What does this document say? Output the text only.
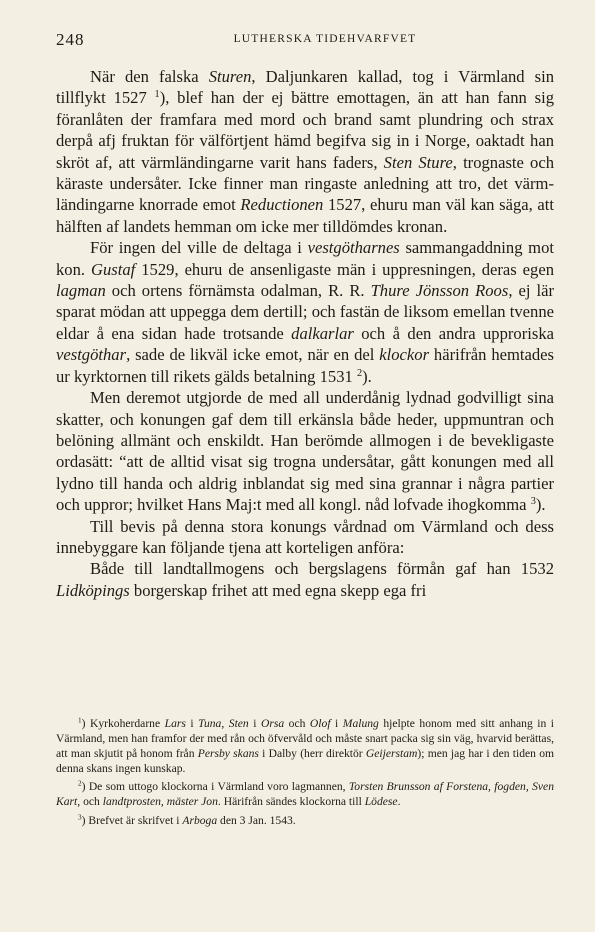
248	LUTHERSKA TIDEHVARFVET

När den falska Sturen, Daljunkaren kallad, tog i Värmland sin tillflykt 1527 $^1$), blef han der ej bättre emottagen, än att han fann sig föranlåten der framfara med mord och brand samt plundring och strax derpå afj fruktan för välförtjent hämd begifva sig in i Norge, oaktadt han skröt af, att värmländingarne varit hans faders, Sten Sture, trognaste och käraste undersåter. Icke finner man ringaste anledning att tro, det värmländingarne knorrade emot Reductionen 1527, ehuru man väl kan säga, att hälften af landets hemman om icke mer tilldömdes kronan.

För ingen del ville de deltaga i vestgötharnes sammangaddning mot kon. Gustaf 1529, ehuru de ansenligaste män i uppresningen, deras egen lagman och ortens förnämsta odalman, R. R. Thure Jönsson Roos, ej lär sparat mödan att uppegga dem dertill; och fastän de liksom emellan tvenne eldar å ena sidan hade trotsande dalkarlar och å den andra upproriska vestgöthar, sade de likväl icke emot, när en del klockor härifrån hemtades ur kyrktornen till rikets gälds betalning 1531 $^2$).

Men deremot utgjorde de med all underdånig lydnad godvilligt sina skatter, och konungen gaf dem till erkänsla både heder, uppmuntran och belöning allmänt och enskildt. Han berömde allmogen i de bevekligaste ordasätt: “att de alltid visat sig trogna undersåtar, gått konungen med all lydno till handa och aldrig inblandat sig med sina grannar i några partier och uppror; hvilket Hans Maj:t med all kongl. nåd lofvade ihogkomma $^3$).

Till bevis på denna stora konungs vårdnad om Värmland och dess innebyggare kan följande tjena att korteligen anföra:

Både till landtallmogens och bergslagens förmån gaf han 1532 Lidköpings borgerskap frihet att med egna skepp ega fri

$^1$) Kyrkoherdarne Lars i Tuna, Sten i Orsa och Olof i Malung hjelpte honom med sitt anhang in i Värmland, men han framfor der med rån och öfvervåld och måste snart packa sig sin väg, hvarvid berättas, att man skjutit på honom från Persby skans i Dalby (herr direktör Geijerstam); men jag har i den tiden om denna skans ingen kunskap.

$^2$) De som uttogo klockorna i Värmland voro lagmannen, Torsten Brunsson af Forstena, fogden, Sven Kart, och landtprosten, mäster Jon. Härifrån sändes klockorna till Lödese.

$^3$) Brefvet är skrifvet i Arboga den 3 Jan. 1543.
